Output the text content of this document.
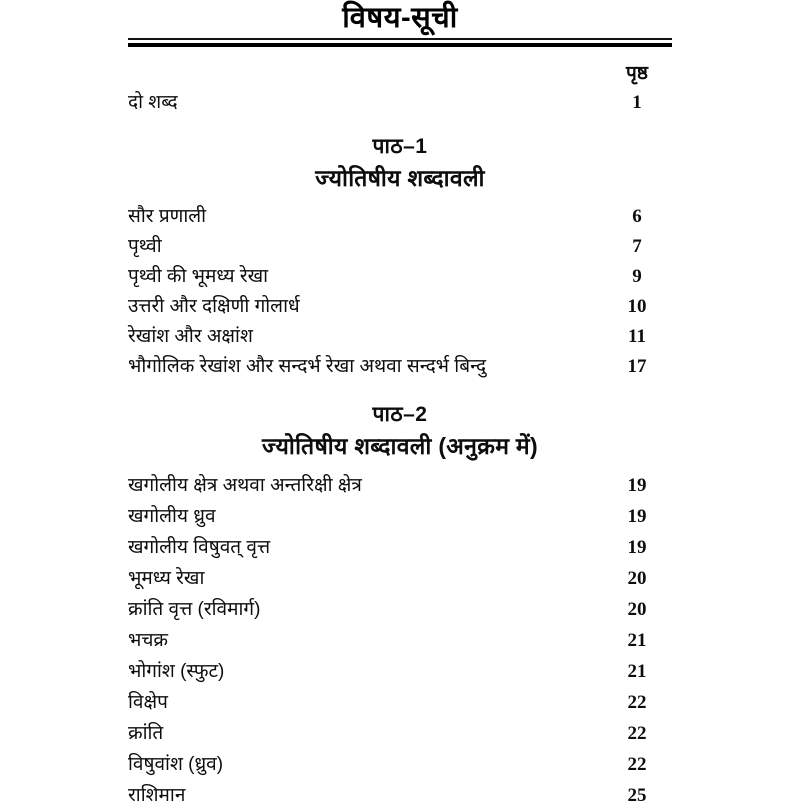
विषय-सूची
पृष्ठ
दो शब्द	1
पाठ–1
ज्योतिषीय शब्दावली
सौर प्रणाली	6
पृथ्वी	7
पृथ्वी की भूमध्य रेखा	9
उत्तरी और दक्षिणी गोलार्ध	10
रेखांश और अक्षांश	11
भौगोलिक रेखांश और सन्दर्भ रेखा अथवा सन्दर्भ बिन्दु	17
पाठ–2
ज्योतिषीय शब्दावली (अनुक्रम में)
खगोलीय क्षेत्र अथवा अन्तरिक्षी क्षेत्र	19
खगोलीय ध्रुव	19
खगोलीय विषुवत् वृत्त	19
भूमध्य रेखा	20
क्रांति वृत्त (रविमार्ग)	20
भचक्र	21
भोगांश (स्फुट)	21
विक्षेप	22
क्रांति	22
विषुवांश (ध्रुव)	22
राशिमान	25
